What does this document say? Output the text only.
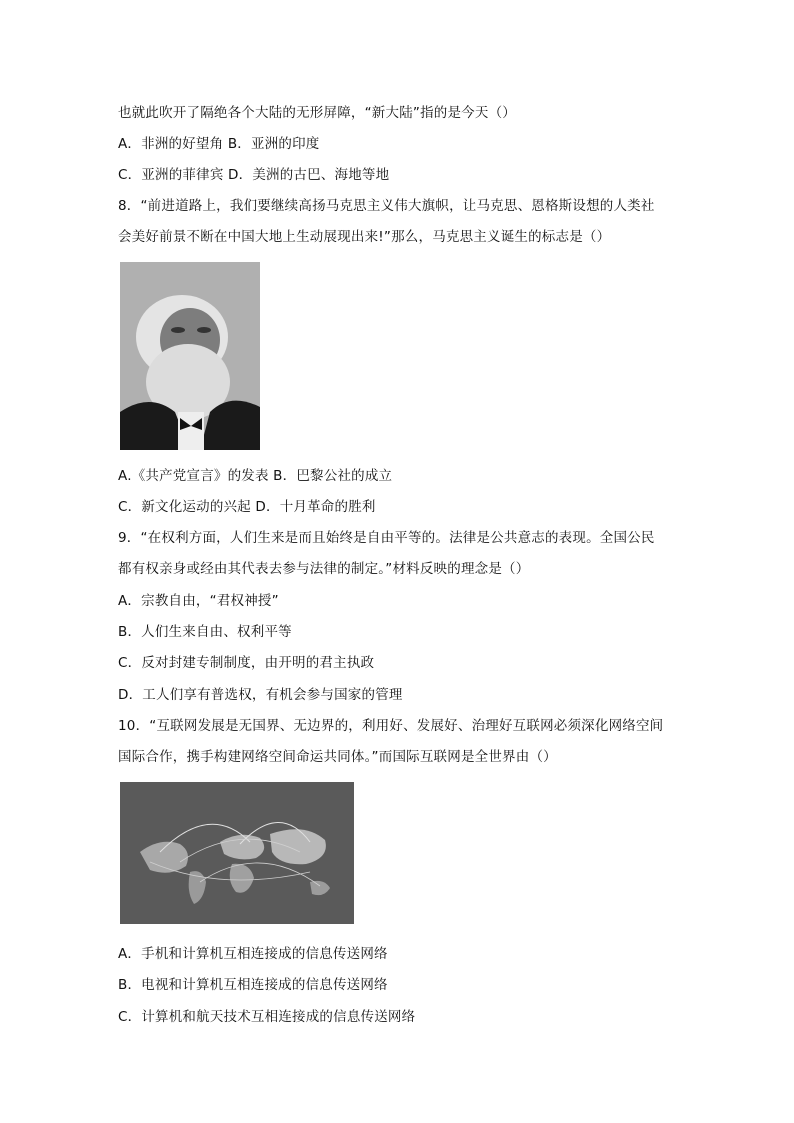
也就此吹开了隔绝各个大陆的无形屏障，“新大陆”指的是今天（）
A．非洲的好望角 B．亚洲的印度
C．亚洲的菲律宾 D．美洲的古巴、海地等地
8．“前进道路上，我们要继续高扬马克思主义伟大旗帜，让马克思、恩格斯设想的人类社
会美好前景不断在中国大地上生动展现出来!”那么，马克思主义诞生的标志是（）
A.《共产党宣言》的发表 B．巴黎公社的成立
C．新文化运动的兴起 D．十月革命的胜利
9．“在权利方面，人们生来是而且始终是自由平等的。法律是公共意志的表现。全国公民
都有权亲身或经由其代表去参与法律的制定。”材料反映的理念是（）
A．宗教自由，“君权神授”
B．人们生来自由、权利平等
C．反对封建专制制度，由开明的君主执政
D．工人们享有普选权，有机会参与国家的管理
10．“互联网发展是无国界、无边界的，利用好、发展好、治理好互联网必须深化网络空间
国际合作，携手构建网络空间命运共同体。”而国际互联网是全世界由（）
A．手机和计算机互相连接成的信息传送网络
B．电视和计算机互相连接成的信息传送网络
C．计算机和航天技术互相连接成的信息传送网络
